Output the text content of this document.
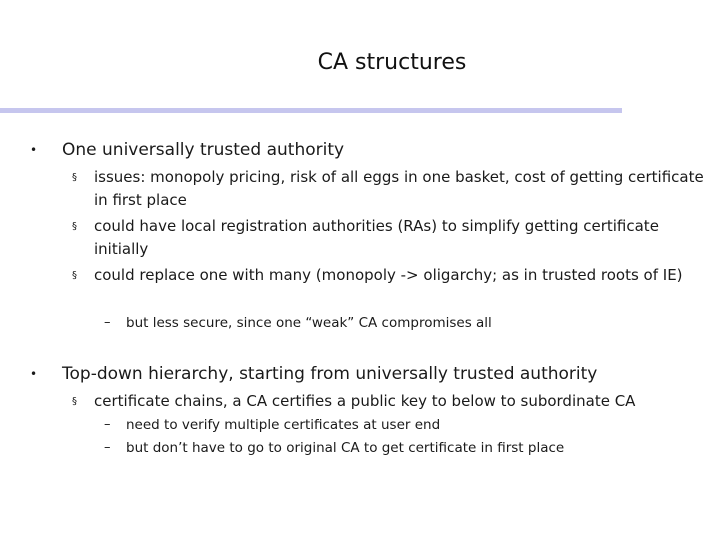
CA structures
• One universally trusted authority
§ issues: monopoly pricing, risk of all eggs in one basket, cost of getting certificate in first place
§ could have local registration authorities (RAs) to simplify getting certificate initially
§ could replace one with many (monopoly -> oligarchy; as in trusted roots of IE)
– but less secure, since one “weak” CA compromises all
• Top-down hierarchy, starting from universally trusted authority
§ certificate chains, a CA certifies a public key to below to subordinate CA
– need to verify multiple certificates at user end
– but don’t have to go to original CA to get certificate in first place
